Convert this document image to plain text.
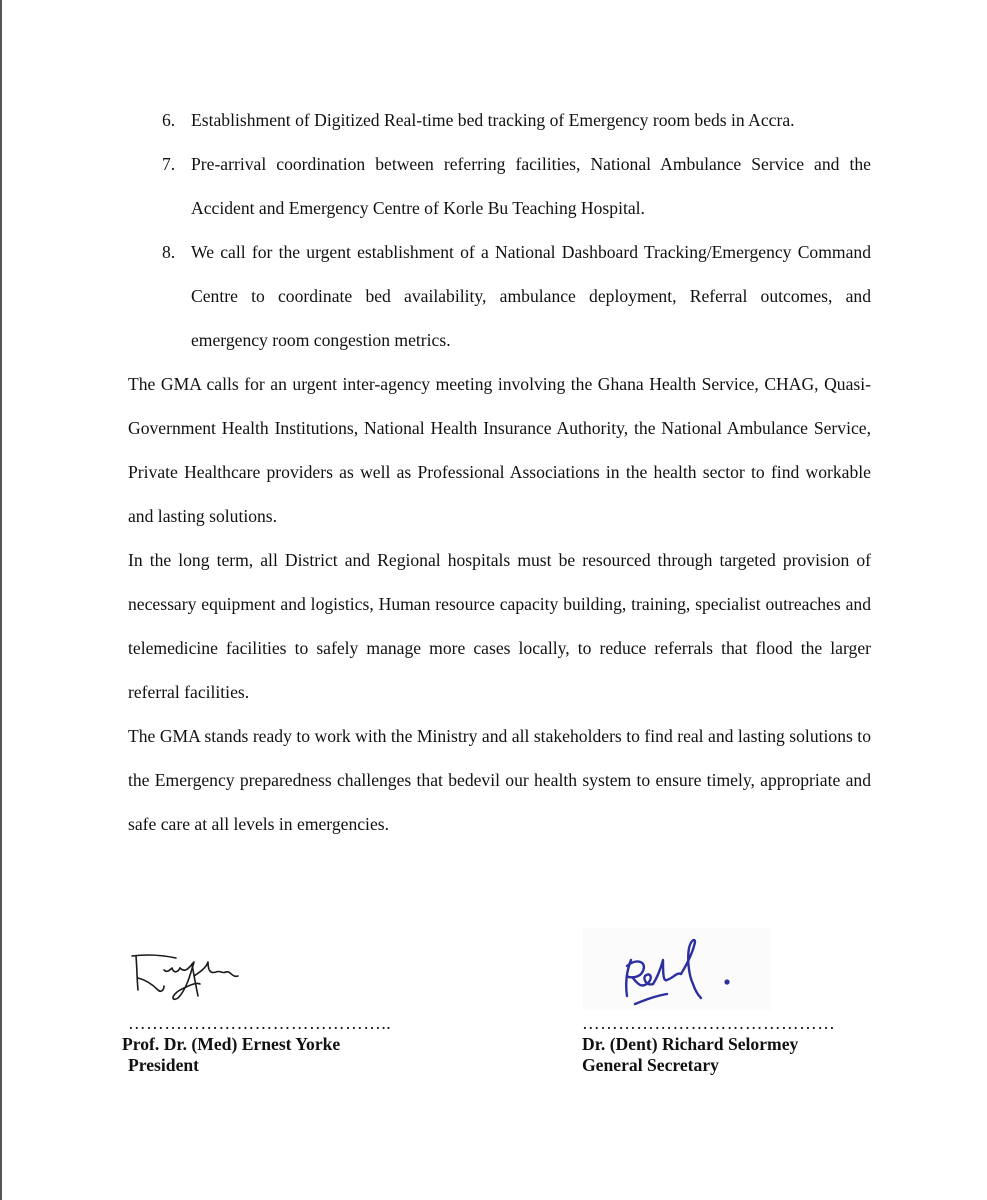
6. Establishment of Digitized Real-time bed tracking of Emergency room beds in Accra.
7. Pre-arrival coordination between referring facilities, National Ambulance Service and the Accident and Emergency Centre of Korle Bu Teaching Hospital.
8. We call for the urgent establishment of a National Dashboard Tracking/Emergency Command Centre to coordinate bed availability, ambulance deployment, Referral outcomes, and emergency room congestion metrics.
The GMA calls for an urgent inter-agency meeting involving the Ghana Health Service, CHAG, Quasi-Government Health Institutions, National Health Insurance Authority, the National Ambulance Service, Private Healthcare providers as well as Professional Associations in the health sector to find workable and lasting solutions.
In the long term, all District and Regional hospitals must be resourced through targeted provision of necessary equipment and logistics, Human resource capacity building, training, specialist outreaches and telemedicine facilities to safely manage more cases locally, to reduce referrals that flood the larger referral facilities.
The GMA stands ready to work with the Ministry and all stakeholders to find real and lasting solutions to the Emergency preparedness challenges that bedevil our health system to ensure timely, appropriate and safe care at all levels in emergencies.
……………………………………..
Prof. Dr. (Med) Ernest Yorke
President
……………………………………
Dr. (Dent) Richard Selormey
General Secretary
